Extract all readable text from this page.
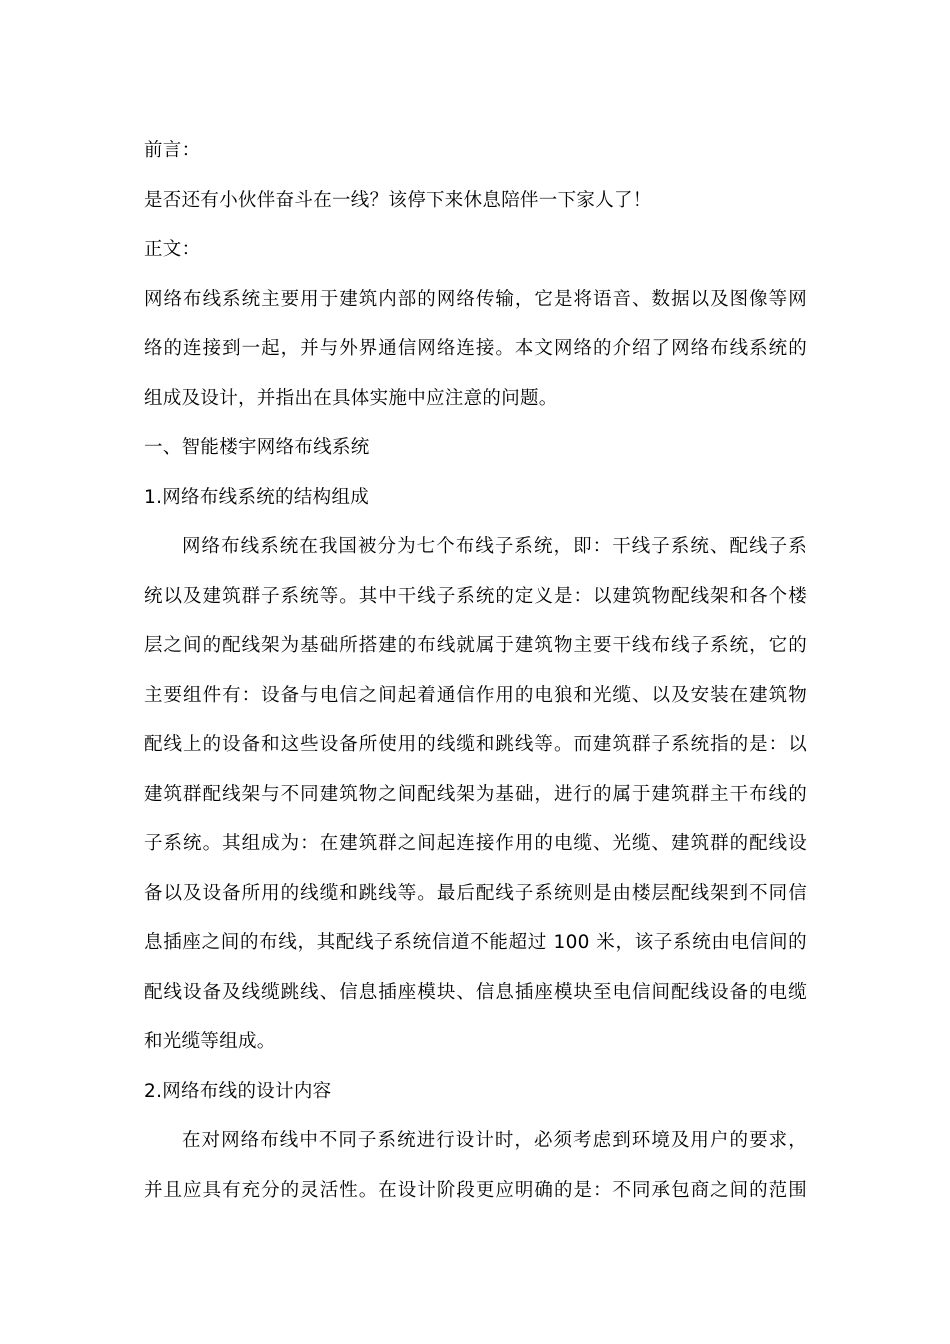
前言：
是否还有小伙伴奋斗在一线？该停下来休息陪伴一下家人了！
正文：
网络布线系统主要用于建筑内部的网络传输，它是将语音、数据以及图像等网
络的连接到一起，并与外界通信网络连接。本文网络的介绍了网络布线系统的
组成及设计，并指出在具体实施中应注意的问题。
一、智能楼宇网络布线系统
1.网络布线系统的结构组成
网络布线系统在我国被分为七个布线子系统，即：干线子系统、配线子系
统以及建筑群子系统等。其中干线子系统的定义是：以建筑物配线架和各个楼
层之间的配线架为基础所搭建的布线就属于建筑物主要干线布线子系统，它的
主要组件有：设备与电信之间起着通信作用的电狼和光缆、以及安装在建筑物
配线上的设备和这些设备所使用的线缆和跳线等。而建筑群子系统指的是：以
建筑群配线架与不同建筑物之间配线架为基础，进行的属于建筑群主干布线的
子系统。其组成为：在建筑群之间起连接作用的电缆、光缆、建筑群的配线设
备以及设备所用的线缆和跳线等。最后配线子系统则是由楼层配线架到不同信
息插座之间的布线，其配线子系统信道不能超过 100 米，该子系统由电信间的
配线设备及线缆跳线、信息插座模块、信息插座模块至电信间配线设备的电缆
和光缆等组成。
2.网络布线的设计内容
在对网络布线中不同子系统进行设计时，必须考虑到环境及用户的要求，
并且应具有充分的灵活性。在设计阶段更应明确的是：不同承包商之间的范围
